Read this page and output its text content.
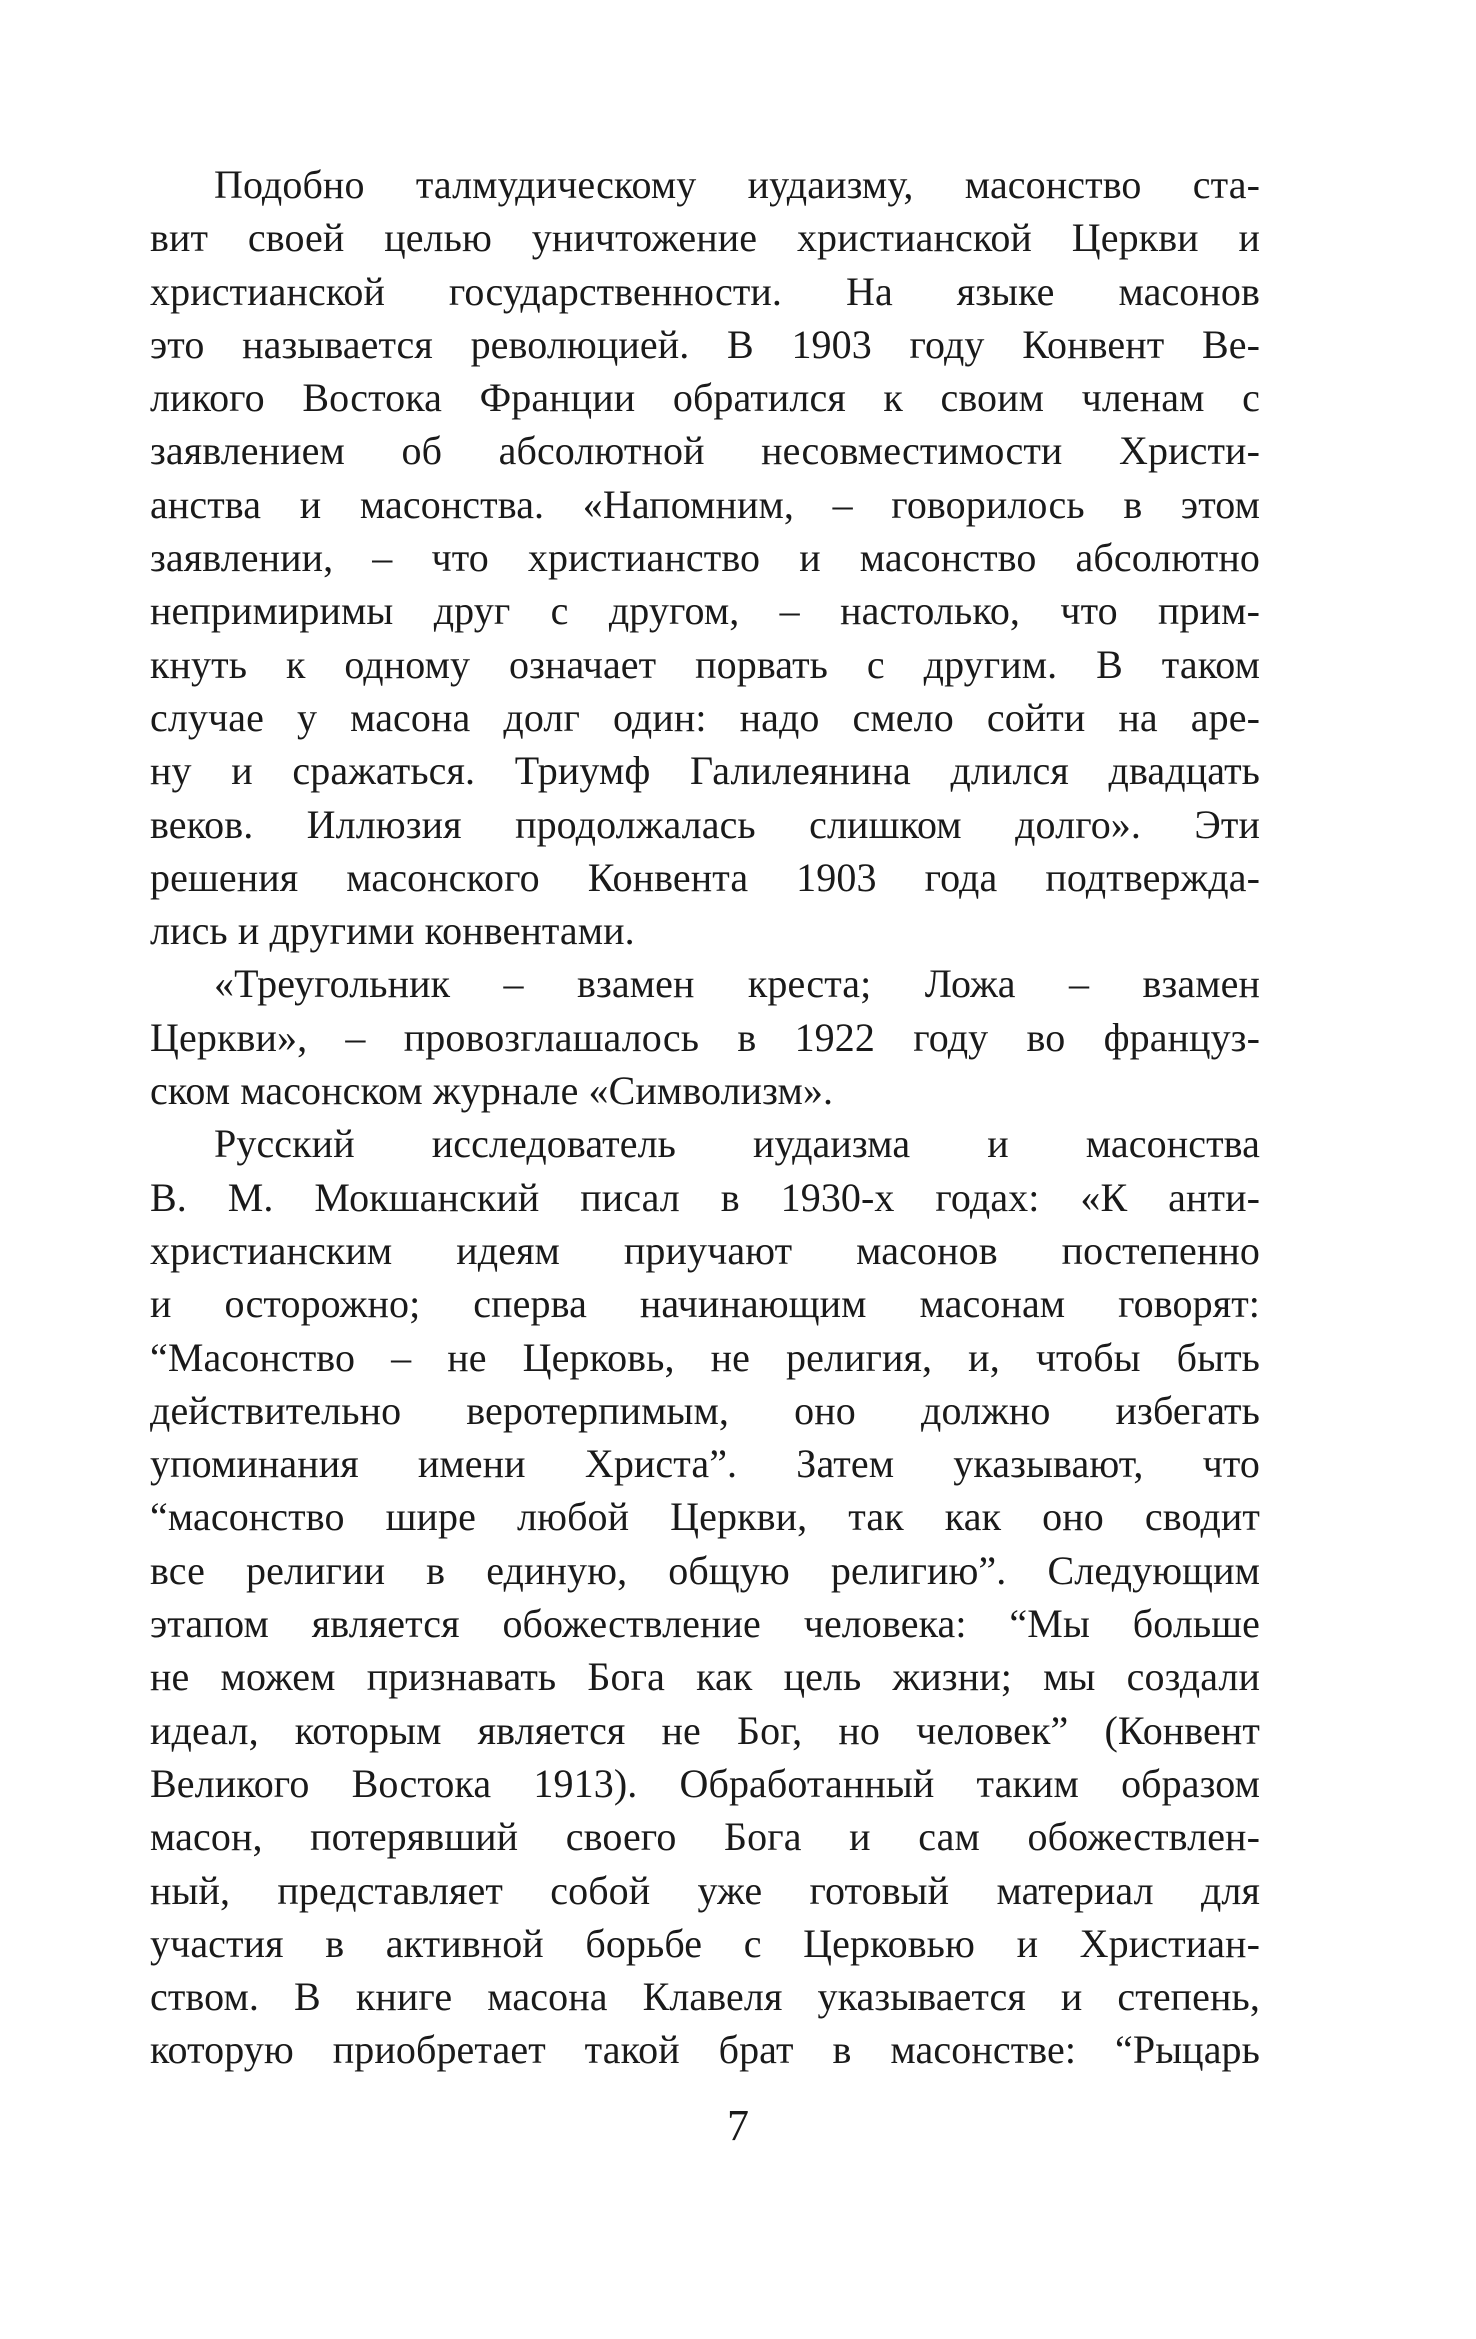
Подобно талмудическому иудаизму, масонство ста-
вит своей целью уничтожение христианской Церкви и
христианской государственности. На языке масонов
это называется революцией. В 1903 году Конвент Ве-
ликого Востока Франции обратился к своим членам с
заявлением об абсолютной несовместимости Христи-
анства и масонства. «Напомним, – говорилось в этом
заявлении, – что христианство и масонство абсолютно
непримиримы друг с другом, – настолько, что прим-
кнуть к одному означает порвать с другим. В таком
случае у масона долг один: надо смело сойти на аре-
ну и сражаться. Триумф Галилеянина длился двадцать
веков. Иллюзия продолжалась слишком долго». Эти
решения масонского Конвента 1903 года подтвержда-
лись и другими конвентами.
«Треугольник – взамен креста; Ложа – взамен
Церкви», – провозглашалось в 1922 году во француз-
ском масонском журнале «Символизм».
Русский исследователь иудаизма и масонства
В. М. Мокшанский писал в 1930-х годах: «К анти-
христианским идеям приучают масонов постепенно
и осторожно; сперва начинающим масонам говорят:
“Масонство – не Церковь, не религия, и, чтобы быть
действительно веротерпимым, оно должно избегать
упоминания имени Христа”. Затем указывают, что
“масонство шире любой Церкви, так как оно сводит
все религии в единую, общую религию”. Следующим
этапом является обожествление человека: “Мы больше
не можем признавать Бога как цель жизни; мы создали
идеал, которым является не Бог, но человек” (Конвент
Великого Востока 1913). Обработанный таким образом
масон, потерявший своего Бога и сам обожествлен-
ный, представляет собой уже готовый материал для
участия в активной борьбе с Церковью и Христиан-
ством. В книге масона Клавеля указывается и степень,
которую приобретает такой брат в масонстве: “Рыцарь
7
